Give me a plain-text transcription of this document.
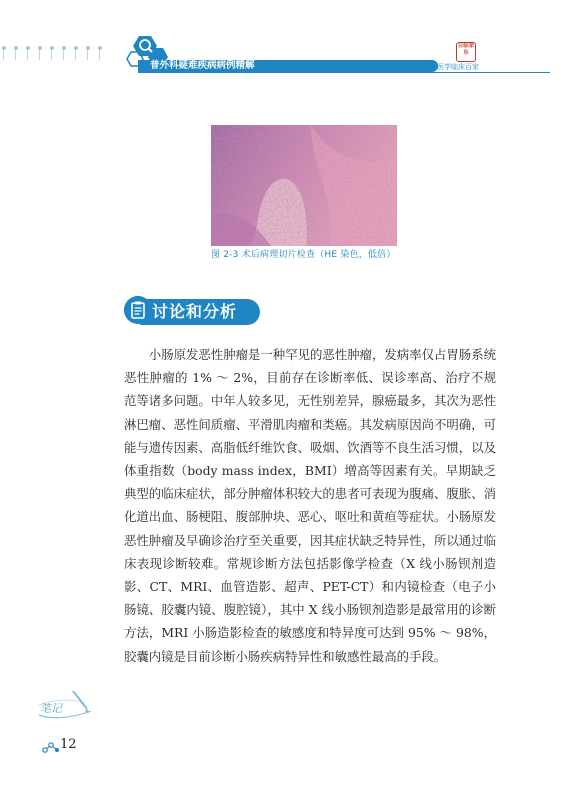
普外科疑难疾病病例精解
百临家东
中国医学临床百家
图 2-3 术后病理切片检查（HE 染色，低倍）
讨论和分析

小肠原发恶性肿瘤是一种罕见的恶性肿瘤，发病率仅占胃肠系统恶性肿瘤的 1% ～ 2%，目前存在诊断率低、误诊率高、治疗不规范等诸多问题。中年人较多见，无性别差异，腺癌最多，其次为恶性淋巴瘤、恶性间质瘤、平滑肌肉瘤和类癌。其发病原因尚不明确，可能与遗传因素、高脂低纤维饮食、吸烟、饮酒等不良生活习惯，以及体重指数（body mass index，BMI）增高等因素有关。早期缺乏典型的临床症状，部分肿瘤体积较大的患者可表现为腹痛、腹胀、消化道出血、肠梗阻、腹部肿块、恶心、呕吐和黄疸等症状。小肠原发恶性肿瘤及早确诊治疗至关重要，因其症状缺乏特异性，所以通过临床表现诊断较难。常规诊断方法包括影像学检查（X 线小肠钡剂造影、CT、MRI、血管造影、超声、PET-CT）和内镜检查（电子小肠镜、胶囊内镜、腹腔镜），其中 X 线小肠钡剂造影是最常用的诊断方法，MRI 小肠造影检查的敏感度和特异度可达到 95% ～ 98%，胶囊内镜是目前诊断小肠疾病特异性和敏感性最高的手段。

笔记
12
